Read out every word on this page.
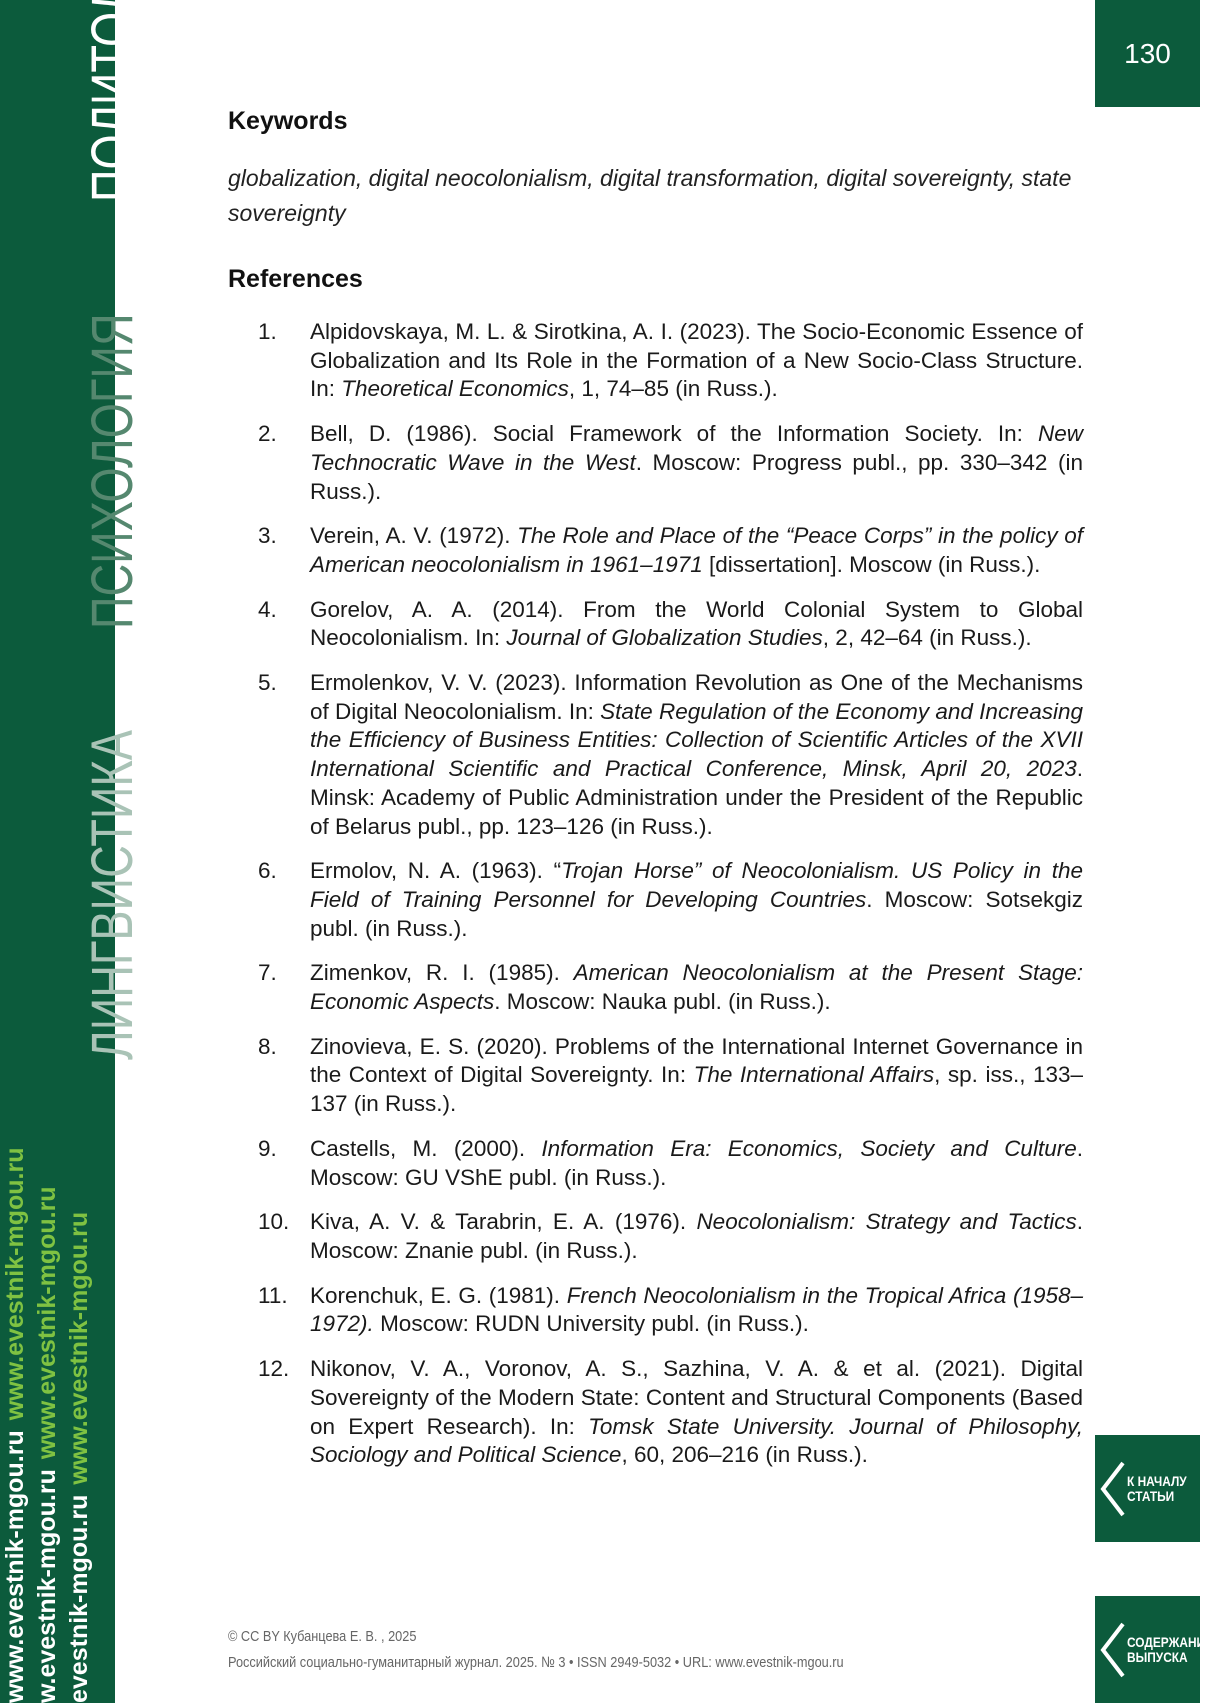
ЛИНГВИСТИКАПСИХОЛОГИЯПОЛИТОЛОГИЯ
www.evestnik-mgou.ruwww.evestnik-mgou.ru
w.evestnik-mgou.ruwww.evestnik-mgou.ru
evestnik-mgou.ruwww.evestnik-mgou.ru
130
Keywords
globalization, digital neocolonialism, digital transformation, digital sovereignty, state sovereignty
References
1. Alpidovskaya, M. L. & Sirotkina, A. I. (2023). The Socio-Economic Essence of Globalization and Its Role in the Formation of a New Socio-Class Structure. In: Theoretical Economics, 1, 74–85 (in Russ.).
2. Bell, D. (1986). Social Framework of the Information Society. In: New Technocratic Wave in the West. Moscow: Progress publ., pp. 330–342 (in Russ.).
3. Verein, A. V. (1972). The Role and Place of the “Peace Corps” in the policy of American neocolonialism in 1961–1971 [dissertation]. Moscow (in Russ.).
4. Gorelov, A. A. (2014). From the World Colonial System to Global Neocolonialism. In: Journal of Globalization Studies, 2, 42–64 (in Russ.).
5. Ermolenkov, V. V. (2023). Information Revolution as One of the Mechanisms of Digital Neocolonialism. In: State Regulation of the Economy and Increasing the Efficiency of Business Entities: Collection of Scientific Articles of the XVII International Scientific and Practical Conference, Minsk, April 20, 2023. Minsk: Academy of Public Administration under the President of the Republic of Belarus publ., pp. 123–126 (in Russ.).
6. Ermolov, N. A. (1963). “Trojan Horse” of Neocolonialism. US Policy in the Field of Training Personnel for Developing Countries. Moscow: Sotsekgiz publ. (in Russ.).
7. Zimenkov, R. I. (1985). American Neocolonialism at the Present Stage: Economic Aspects. Moscow: Nauka publ. (in Russ.).
8. Zinovieva, E. S. (2020). Problems of the International Internet Governance in the Context of Digital Sovereignty. In: The International Affairs, sp. iss., 133–137 (in Russ.).
9. Castells, M. (2000). Information Era: Economics, Society and Culture. Moscow: GU VShE publ. (in Russ.).
10. Kiva, A. V. & Tarabrin, E. A. (1976). Neocolonialism: Strategy and Tactics. Moscow: Znanie publ. (in Russ.).
11. Korenchuk, E. G. (1981). French Neocolonialism in the Tropical Africa (1958–1972). Moscow: RUDN University publ. (in Russ.).
12. Nikonov, V. A., Voronov, A. S., Sazhina, V. A. & et al. (2021). Digital Sovereignty of the Modern State: Content and Structural Components (Based on Expert Research). In: Tomsk State University. Journal of Philosophy, Sociology and Political Science, 60, 206–216 (in Russ.).
К НАЧАЛУ
СТАТЬИ
СОДЕРЖАНИЕ
ВЫПУСКА
© CC BY Кубанцева Е. В. , 2025
Российский социально-гуманитарный журнал. 2025. № 3 • ISSN 2949-5032 • URL: www.evestnik-mgou.ru
